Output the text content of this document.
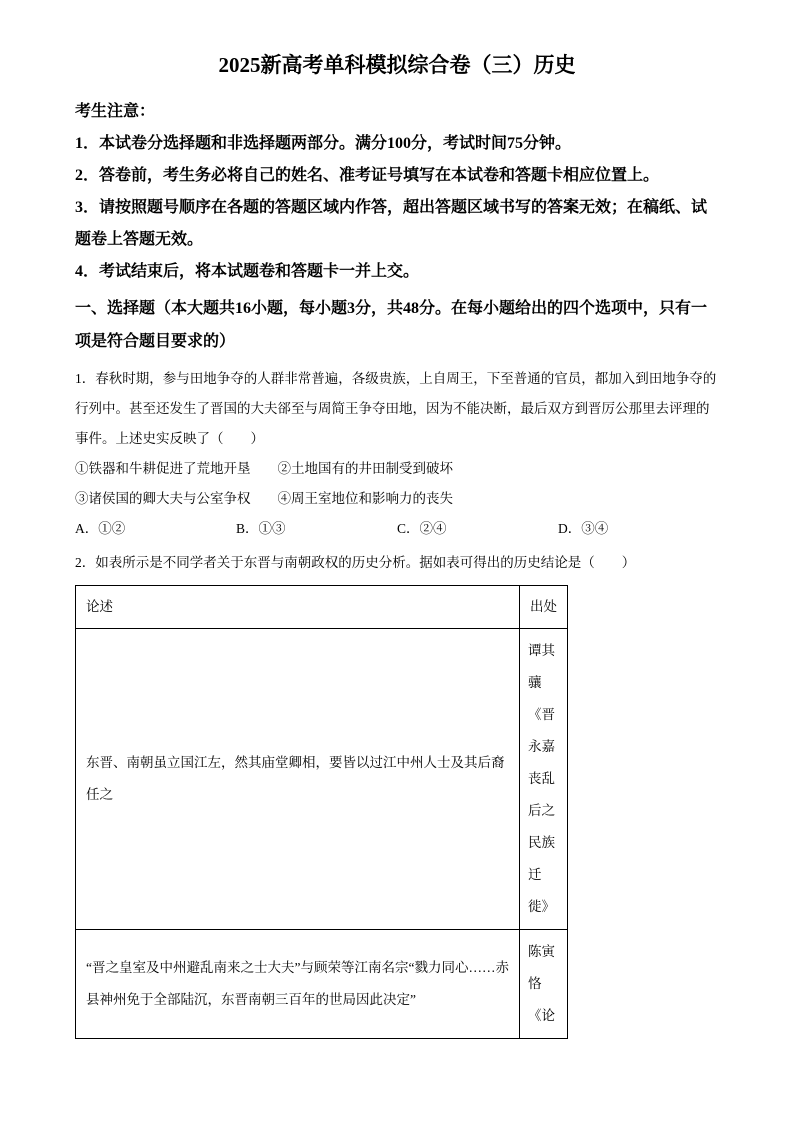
2025新高考单科模拟综合卷（三）历史

考生注意：

1．本试卷分选择题和非选择题两部分。满分100分，考试时间75分钟。

2．答卷前，考生务必将自己的姓名、准考证号填写在本试卷和答题卡相应位置上。

3．请按照题号顺序在各题的答题区域内作答，超出答题区域书写的答案无效；在稿纸、试题卷上答题无效。

4．考试结束后，将本试题卷和答题卡一并上交。

一、选择题（本大题共16小题，每小题3分，共48分。在每小题给出的四个选项中，只有一项是符合题目要求的）

1．春秋时期，参与田地争夺的人群非常普遍，各级贵族，上自周王，下至普通的官员，都加入到田地争夺的行列中。甚至还发生了晋国的大夫郤至与周简王争夺田地，因为不能决断，最后双方到晋厉公那里去评理的事件。上述史实反映了（　　）

①铁器和牛耕促进了荒地开垦　　②土地国有的井田制受到破坏

③诸侯国的卿大夫与公室争权　　④周王室地位和影响力的丧失

A．①②	B．①③	C．②④	D．③④

2．如表所示是不同学者关于东晋与南朝政权的历史分析。据如表可得出的历史结论是（　　）

论述	出处
东晋、南朝虽立国江左，然其庙堂卿相，要皆以过江中州人士及其后裔任之	谭其骧《晋永嘉丧乱后之民族迁徙》
“晋之皇室及中州避乱南来之士大夫”与顾荣等江南名宗“戮力同心……赤县神州免于全部陆沉，东晋南朝三百年的世局因此决定”	陈寅恪《论
